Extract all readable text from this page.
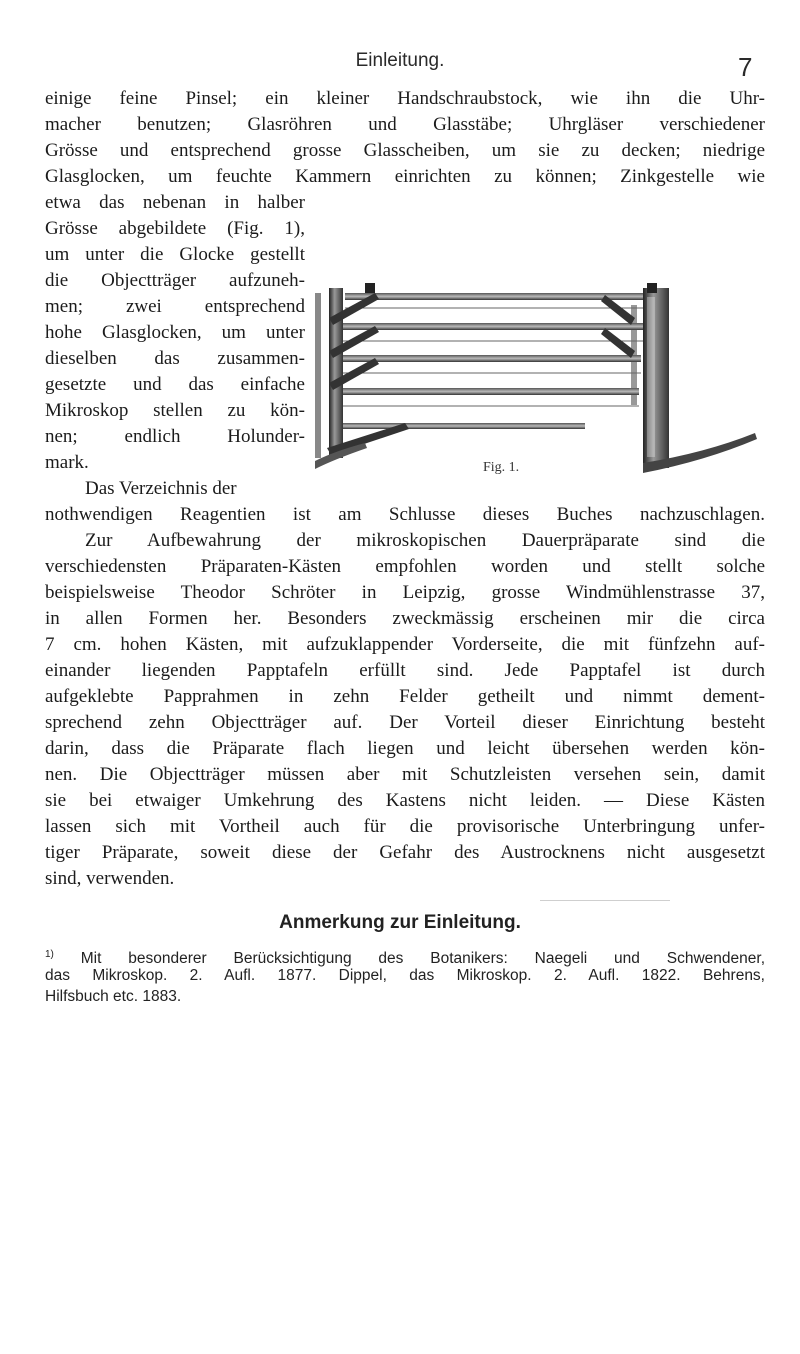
Einleitung.	7
einige feine Pinsel; ein kleiner Handschraubstock, wie ihn die Uhr-
macher benutzen; Glasröhren und Glasstäbe; Uhrgläser verschiedener
Grösse und entsprechend grosse Glasscheiben, um sie zu decken; niedrige
Glasglocken, um feuchte Kammern einrichten zu können; Zinkgestelle wie
etwa das nebenan in halber
Grösse abgebildete (Fig. 1),
um unter die Glocke gestellt
die Objectträger aufzuneh-
men; zwei entsprechend
hohe Glasglocken, um unter
dieselben das zusammen-
gesetzte und das einfache
Mikroskop stellen zu kön-
nen; endlich Holunder-
mark.
Das Verzeichnis der
Fig. 1.
nothwendigen Reagentien ist am Schlusse dieses Buches nachzuschlagen.
Zur Aufbewahrung der mikroskopischen Dauerpräparate sind die
verschiedensten Präparaten-Kästen empfohlen worden und stellt solche
beispielsweise Theodor Schröter in Leipzig, grosse Windmühlenstrasse 37,
in allen Formen her. Besonders zweckmässig erscheinen mir die circa
7 cm. hohen Kästen, mit aufzuklappender Vorderseite, die mit fünfzehn auf-
einander liegenden Papptafeln erfüllt sind. Jede Papptafel ist durch
aufgeklebte Papprahmen in zehn Felder getheilt und nimmt dement-
sprechend zehn Objectträger auf. Der Vorteil dieser Einrichtung besteht
darin, dass die Präparate flach liegen und leicht übersehen werden kön-
nen. Die Objectträger müssen aber mit Schutzleisten versehen sein, damit
sie bei etwaiger Umkehrung des Kastens nicht leiden. — Diese Kästen
lassen sich mit Vortheil auch für die provisorische Unterbringung unfer-
tiger Präparate, soweit diese der Gefahr des Austrocknens nicht ausgesetzt
sind, verwenden.
Anmerkung zur Einleitung.
$^{1)}$ Mit besonderer Berücksichtigung des Botanikers: Naegeli und Schwendener,
das Mikroskop. 2. Aufl. 1877. Dippel, das Mikroskop. 2. Aufl. 1822. Behrens,
Hilfsbuch etc. 1883.
